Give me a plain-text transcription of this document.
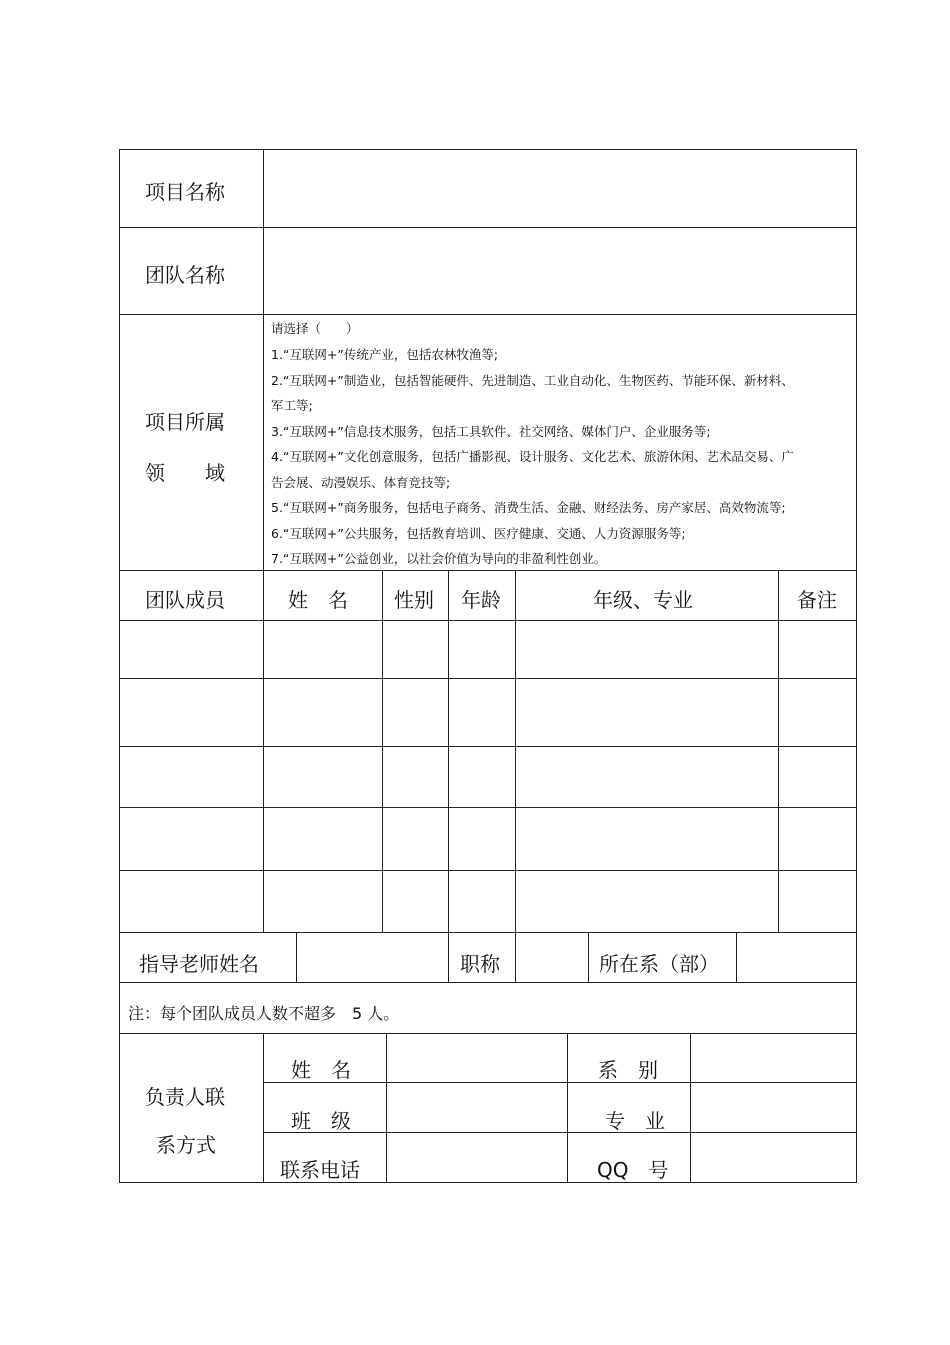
项目名称
团队名称
项目所属
领　　域
请选择（　　）
1.“互联网+”传统产业，包括农林牧渔等;
2.“互联网+”制造业，包括智能硬件、先进制造、工业自动化、生物医药、节能环保、新材料、
军工等;
3.“互联网+”信息技术服务，包括工具软件、社交网络、媒体门户、企业服务等;
4.“互联网+”文化创意服务，包括广播影视、设计服务、文化艺术、旅游休闲、艺术品交易、广
告会展、动漫娱乐、体育竞技等;
5.“互联网+”商务服务，包括电子商务、消费生活、金融、财经法务、房产家居、高效物流等;
6.“互联网+”公共服务，包括教育培训、医疗健康、交通、人力资源服务等;
7.“互联网+”公益创业，以社会价值为导向的非盈利性创业。
团队成员	姓　名 性别 年龄	年级、专业	备注
指导老师姓名	职称	所在系（部）
注：每个团队成员人数不超多　5 人。
负责人联
系方式
姓　名	系　别
班　级	专　业
联系电话	QQ　号
